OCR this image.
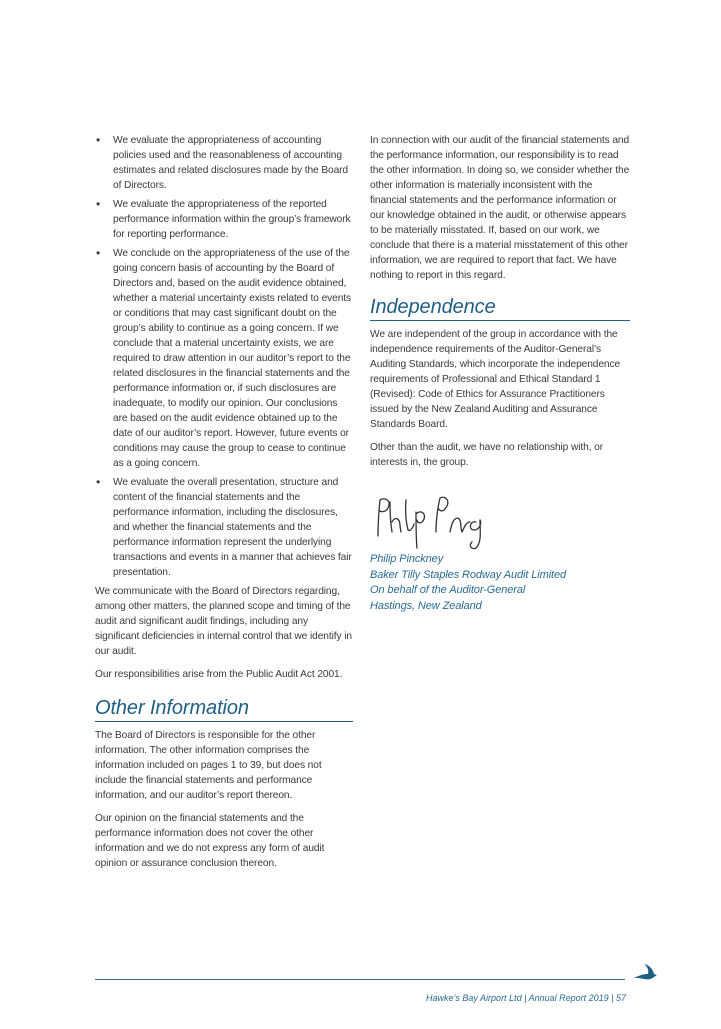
• We evaluate the appropriateness of accounting policies used and the reasonableness of accounting estimates and related disclosures made by the Board of Directors.
• We evaluate the appropriateness of the reported performance information within the group’s framework for reporting performance.
• We conclude on the appropriateness of the use of the going concern basis of accounting by the Board of Directors and, based on the audit evidence obtained, whether a material uncertainty exists related to events or conditions that may cast significant doubt on the group’s ability to continue as a going concern. If we conclude that a material uncertainty exists, we are required to draw attention in our auditor’s report to the related disclosures in the financial statements and the performance information or, if such disclosures are inadequate, to modify our opinion. Our conclusions are based on the audit evidence obtained up to the date of our auditor’s report. However, future events or conditions may cause the group to cease to continue as a going concern.
• We evaluate the overall presentation, structure and content of the financial statements and the performance information, including the disclosures, and whether the financial statements and the performance information represent the underlying transactions and events in a manner that achieves fair presentation.

We communicate with the Board of Directors regarding, among other matters, the planned scope and timing of the audit and significant audit findings, including any significant deficiencies in internal control that we identify in our audit.

Our responsibilities arise from the Public Audit Act 2001.

Other Information

The Board of Directors is responsible for the other information. The other information comprises the information included on pages 1 to 39, but does not include the financial statements and performance information, and our auditor’s report thereon.

Our opinion on the financial statements and the performance information does not cover the other information and we do not express any form of audit opinion or assurance conclusion thereon.

In connection with our audit of the financial statements and the performance information, our responsibility is to read the other information. In doing so, we consider whether the other information is materially inconsistent with the financial statements and the performance information or our knowledge obtained in the audit, or otherwise appears to be materially misstated. If, based on our work, we conclude that there is a material misstatement of this other information, we are required to report that fact. We have nothing to report in this regard.

Independence

We are independent of the group in accordance with the independence requirements of the Auditor-General’s Auditing Standards, which incorporate the independence requirements of Professional and Ethical Standard 1 (Revised): Code of Ethics for Assurance Practitioners issued by the New Zealand Auditing and Assurance Standards Board.

Other than the audit, we have no relationship with, or interests in, the group.

Philip Pinckney
Baker Tilly Staples Rodway Audit Limited
On behalf of the Auditor-General
Hastings, New Zealand
Hawke’s Bay Airport Ltd | Annual Report 2019 | 57
